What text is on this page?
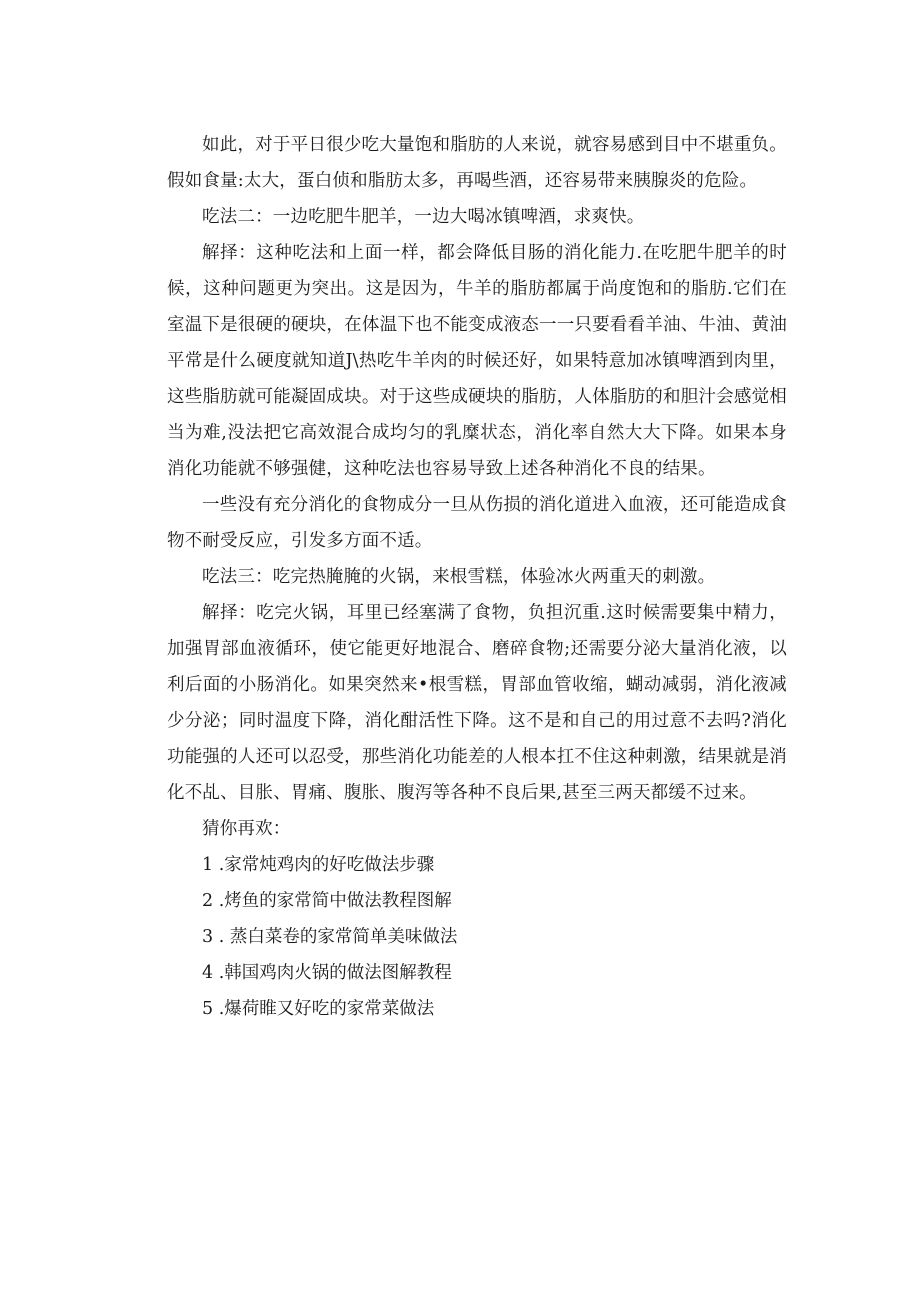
如此，对于平日很少吃大量饱和脂肪的人来说，就容易感到目中不堪重负。假如食量:太大，蛋白侦和脂肪太多，再喝些酒，还容易带来胰腺炎的危险。

吃法二：一边吃肥牛肥羊，一边大喝冰镇啤酒，求爽快。

解择：这种吃法和上面一样，都会降低目肠的消化能力.在吃肥牛肥羊的时候，这种问题更为突出。这是因为，牛羊的脂肪都属于尚度饱和的脂肪.它们在室温下是很硬的硬块，在体温下也不能变成液态一一只要看看羊油、牛油、黄油平常是什么硬度就知道J\热吃牛羊肉的时候还好，如果特意加冰镇啤酒到肉里，这些脂肪就可能凝固成块。对于这些成硬块的脂肪，人体脂肪的和胆汁会感觉相当为难,没法把它高效混合成均匀的乳糜状态，消化率自然大大下降。如果本身消化功能就不够强健，这种吃法也容易导致上述各种消化不良的结果。

一些没有充分消化的食物成分一旦从伤损的消化道进入血液，还可能造成食物不耐受反应，引发多方面不适。

吃法三：吃完热腌腌的火锅，来根雪糕，体验冰火两重天的刺激。

解择：吃完火锅，耳里已经塞满了食物，负担沉重.这时候需要集中精力，加强胃部血液循环，使它能更好地混合、磨碎食物;还需要分泌大量消化液，以利后面的小肠消化。如果突然来•根雪糕，胃部血管收缩，蝴动减弱，消化液减少分泌；同时温度下降，消化酣活性下降。这不是和自己的用过意不去吗?消化功能强的人还可以忍受，那些消化功能差的人根本扛不住这种刺激，结果就是消化不乩、目胀、胃痛、腹胀、腹泻等各种不良后果,甚至三两天都缓不过来。

猜你再欢：

1 .家常炖鸡肉的好吃做法步骤
2 .烤鱼的家常简中做法教程图解
3 . 蒸白菜卷的家常简单美味做法
4 .韩国鸡肉火锅的做法图解教程
5 .爆荷睢又好吃的家常菜做法
